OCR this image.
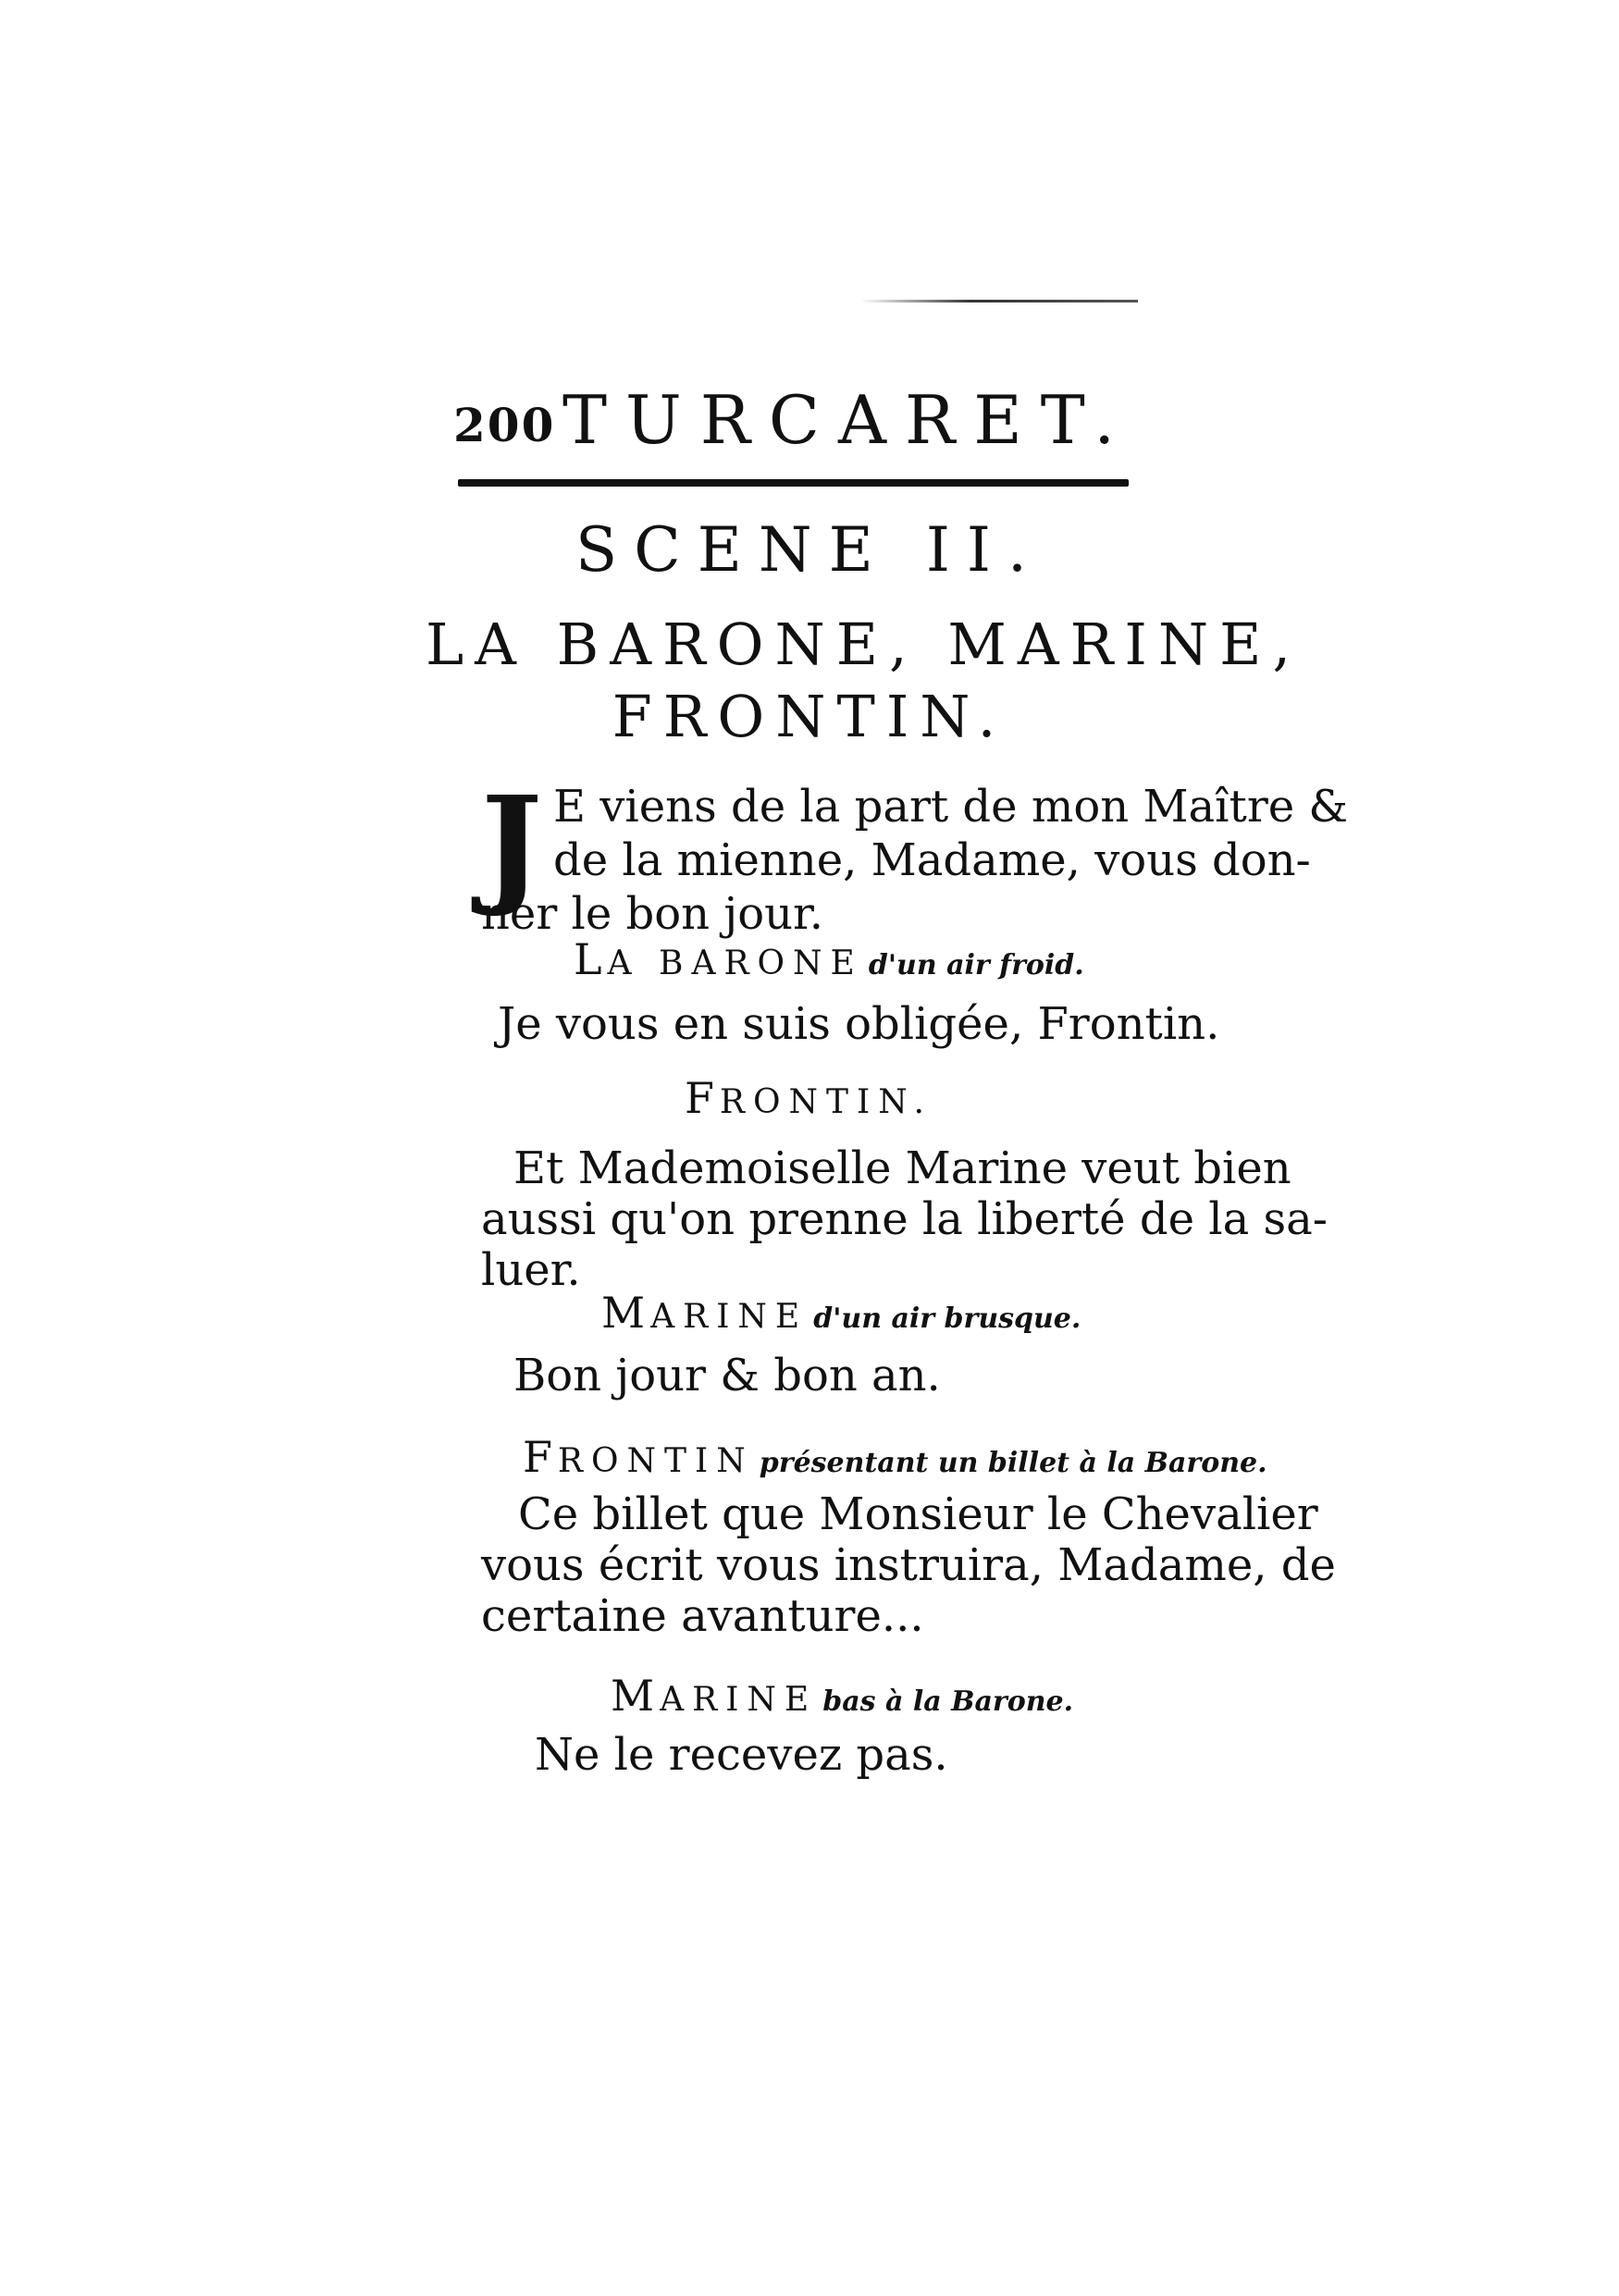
200 TURCARET.
SCENE II.
LA BARONE, MARINE,
FRONTIN.
J E viens de la part de mon Maître &
de la mienne, Madame, vous don-
ner le bon jour.
LA BARONE d'un air froid.
Je vous en suis obligée, Frontin.
FRONTIN.
Et Mademoiselle Marine veut bien
aussi qu'on prenne la liberté de la sa-
luer.
MARINE d'un air brusque.
Bon jour & bon an.
FRONTIN présentant un billet à la Barone.
Ce billet que Monsieur le Chevalier
vous écrit vous instruira, Madame, de
certaine avanture...
MARINE bas à la Barone.
Ne le recevez pas.
